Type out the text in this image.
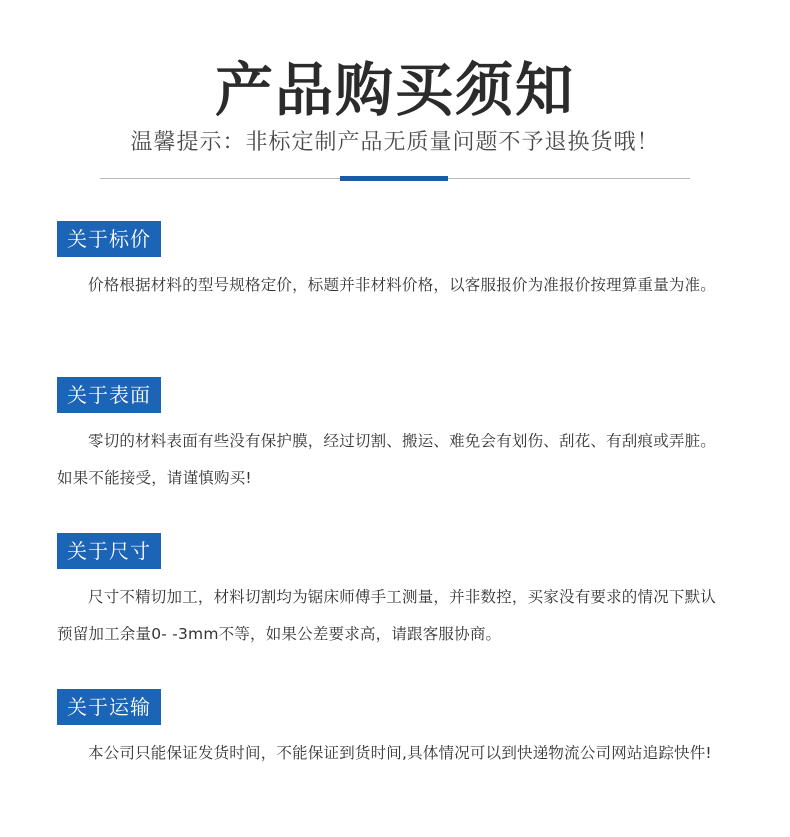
产品购买须知
温馨提示：非标定制产品无质量问题不予退换货哦！
关于标价
价格根据材料的型号规格定价，标题并非材料价格，以客服报价为准报价按理算重量为准。
关于表面
零切的材料表面有些没有保护膜，经过切割、搬运、难免会有划伤、刮花、有刮痕或弄脏。如果不能接受，请谨慎购买!
关于尺寸
尺寸不精切加工，材料切割均为锯床师傅手工测量，并非数控，买家没有要求的情况下默认预留加工余量0- -3mm不等，如果公差要求高，请跟客服协商。
关于运输
本公司只能保证发货时间，不能保证到货时间,具体情况可以到快递物流公司网站追踪快件!
